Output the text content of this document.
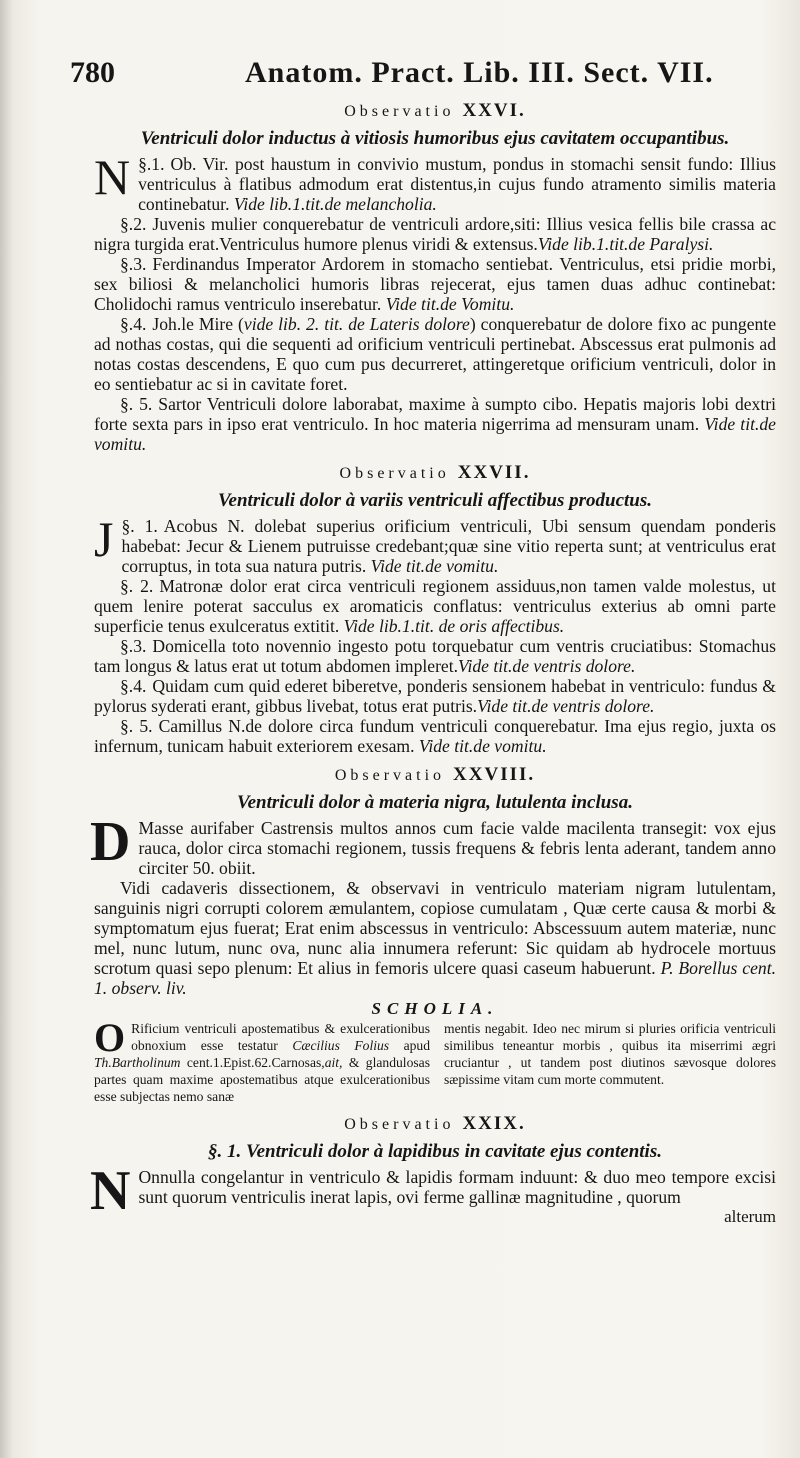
780	Anatom. Pract. Lib. III. Sect. VII.
Observatio XXVI.
Ventriculi dolor inductus à vitiosis humoribus ejus cavitatem occupantibus.

§.1.
N Ob. Vir. post haustum in convivio mustum, pondus in stomachi sensit fundo: Illius ventriculus à flatibus admodum erat distentus,in cujus fundo atramento similis materia continebatur. Vide lib.1.tit.de melancholia.

§.2. Juvenis mulier conquerebatur de ventriculi ardore,siti: Illius vesica fellis bile crassa ac nigra turgida erat.Ventriculus humore plenus viridi & extensus.Vide lib.1.tit.de Paralysi.

§.3. Ferdinandus Imperator Ardorem in stomacho sentiebat. Ventriculus, etsi pridie morbi, sex biliosi & melancholici humoris libras rejecerat, ejus tamen duas adhuc continebat: Cholidochi ramus ventriculo inserebatur. Vide tit.de Vomitu.

§.4. Joh.le Mire (vide lib. 2. tit. de Lateris dolore) conquerebatur de dolore fixo ac pungente ad nothas costas, qui die sequenti ad orificium ventriculi pertinebat. Abscessus erat pulmonis ad notas costas descendens, E quo cum pus decurreret, attingeretque orificium ventriculi, dolor in eo sentiebatur ac si in cavitate foret.

§. 5. Sartor Ventriculi dolore laborabat, maxime à sumpto cibo. Hepatis majoris lobi dextri forte sexta pars in ipso erat ventriculo. In hoc materia nigerrima ad mensuram unam. Vide tit.de vomitu.

Observatio XXVII.
Ventriculi dolor à variis ventriculi affectibus productus.

§. 1.
J	Acobus N. dolebat superius orificium ventriculi, Ubi sensum quendam ponderis habebat: Jecur & Lienem putruisse credebant;quæ sine vitio reperta sunt; at ventriculus erat corruptus, in tota sua natura putris. Vide tit.de vomitu.

§. 2. Matronæ dolor erat circa ventriculi regionem assiduus,non tamen valde molestus, ut quem lenire poterat sacculus ex aromaticis conflatus: ventriculus exterius ab omni parte superficie tenus exulceratus extitit. Vide lib.1.tit. de oris affectibus.

§.3. Domicella toto novennio ingesto potu torquebatur cum ventris cruciatibus: Stomachus tam longus & latus erat ut totum abdomen impleret.Vide tit.de ventris dolore.

§.4. Quidam cum quid ederet biberetve, ponderis sensionem habebat in ventriculo: fundus & pylorus syderati erant, gibbus livebat, totus erat putris.Vide tit.de ventris dolore.

§. 5. Camillus N.de dolore circa fundum ventriculi conquerebatur. Ima ejus regio, juxta os infernum, tunicam habuit exteriorem exesam. Vide tit.de vomitu.

Observatio XXVIII.
Ventriculi dolor à materia nigra, lutulenta inclusa.

D Masse aurifaber Castrensis multos annos cum facie valde macilenta transegit: vox ejus rauca, dolor circa stomachi regionem, tussis frequens & febris lenta aderant, tandem anno circiter 50. obiit.

Vidi cadaveris dissectionem, & observavi in ventriculo materiam nigram lutulentam, sanguinis nigri corrupti colorem æmulantem, copiose cumulatam , Quæ certe causa & morbi & symptomatum ejus fuerat; Erat enim abscessus in ventriculo: Abscessuum autem materiæ, nunc mel, nunc lutum, nunc ova, nunc alia innumera referunt: Sic quidam ab hydrocele mortuus scrotum quasi sepo plenum: Et alius in femoris ulcere quasi caseum habuerunt. P. Borellus cent. 1. observ. liv.

SCHOLIA.
O Rificium ventriculi apostematibus & exulcerationibus obnoxium esse testatur Cæcilius Folius apud Th.Bartholinum cent.1.Epist.62.Carnosas,ait, & glandulosas partes quam maxime apostematibus atque exulcerationibus esse subjectas nemo sanæ
mentis negabit. Ideo nec mirum si pluries orificia ventriculi similibus teneantur morbis , quibus ita miserrimi ægri cruciantur , ut tandem post diutinos sævosque dolores sæpissime vitam cum morte commutent.
Observatio XXIX.
§. 1. Ventriculi dolor à lapidibus in cavitate ejus contentis.

N Onnulla congelantur in ventriculo & lapidis formam induunt: & duo meo tempore excisi sunt quorum ventriculis inerat lapis, ovi ferme gallinæ magnitudine , quorum

alterum
